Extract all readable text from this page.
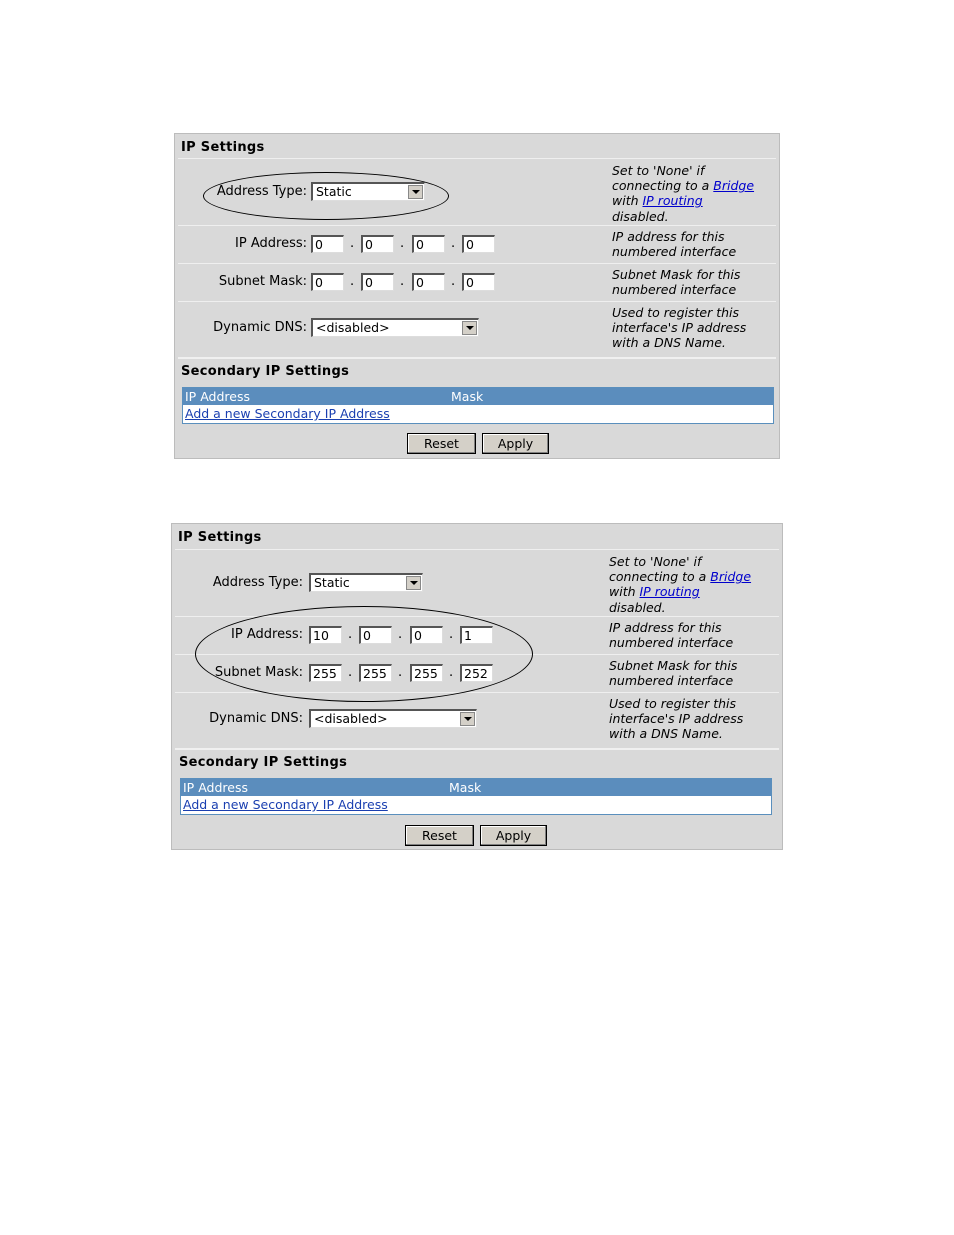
IP Settings
Address Type: Static
Set to 'None' if
connecting to a Bridge
with IP routing
disabled.
IP Address: 0	. 0	. 0	. 0
IP address for this
numbered interface
Subnet Mask: 0	. 0	. 0	. 0
Subnet Mask for this
numbered interface
Dynamic DNS: <disabled>
Used to register this
interface's IP address
with a DNS Name.
Secondary IP Settings
IP Address	Mask
Add a new Secondary IP Address
Reset	Apply
IP Settings
Address Type: Static
Set to 'None' if
connecting to a Bridge
with IP routing
disabled.
IP Address: 10	. 0	. 0	. 1
IP address for this
numbered interface
Subnet Mask: 255 . 255 . 255 . 252
Subnet Mask for this
numbered interface
Dynamic DNS: <disabled>
Used to register this
interface's IP address
with a DNS Name.
Secondary IP Settings
IP Address	Mask
Add a new Secondary IP Address
Reset	Apply
